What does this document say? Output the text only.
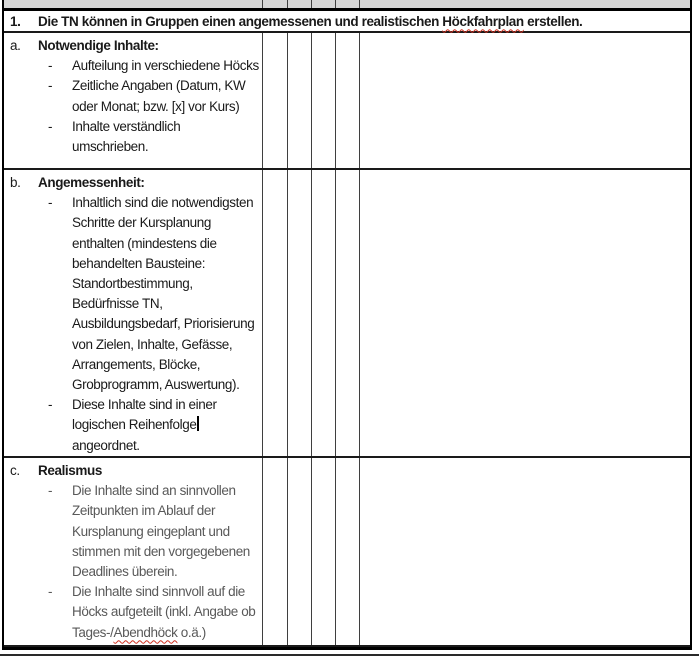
1.	Die TN können in Gruppen einen angemessenen und realistischen Höckfahrplan erstellen.
a.	Notwendige Inhalte:
-	Aufteilung in verschiedene Höcks
-	Zeitliche Angaben (Datum, KW
oder Monat; bzw. [x] vor Kurs)
-	Inhalte verständlich
umschrieben.
b.	Angemessenheit:
-	Inhaltlich sind die notwendigsten
Schritte der Kursplanung
enthalten (mindestens die
behandelten Bausteine:
Standortbestimmung,
Bedürfnisse TN,
Ausbildungsbedarf, Priorisierung
von Zielen, Inhalte, Gefässe,
Arrangements, Blöcke,
Grobprogramm, Auswertung).
-	Diese Inhalte sind in einer
logischen Reihenfolge
angeordnet.
c.	Realismus
-	Die Inhalte sind an sinnvollen
Zeitpunkten im Ablauf der
Kursplanung eingeplant und
stimmen mit den vorgegebenen
Deadlines überein.
-	Die Inhalte sind sinnvoll auf die
Höcks aufgeteilt (inkl. Angabe ob
Tages-/Abendhöck o.ä.)
